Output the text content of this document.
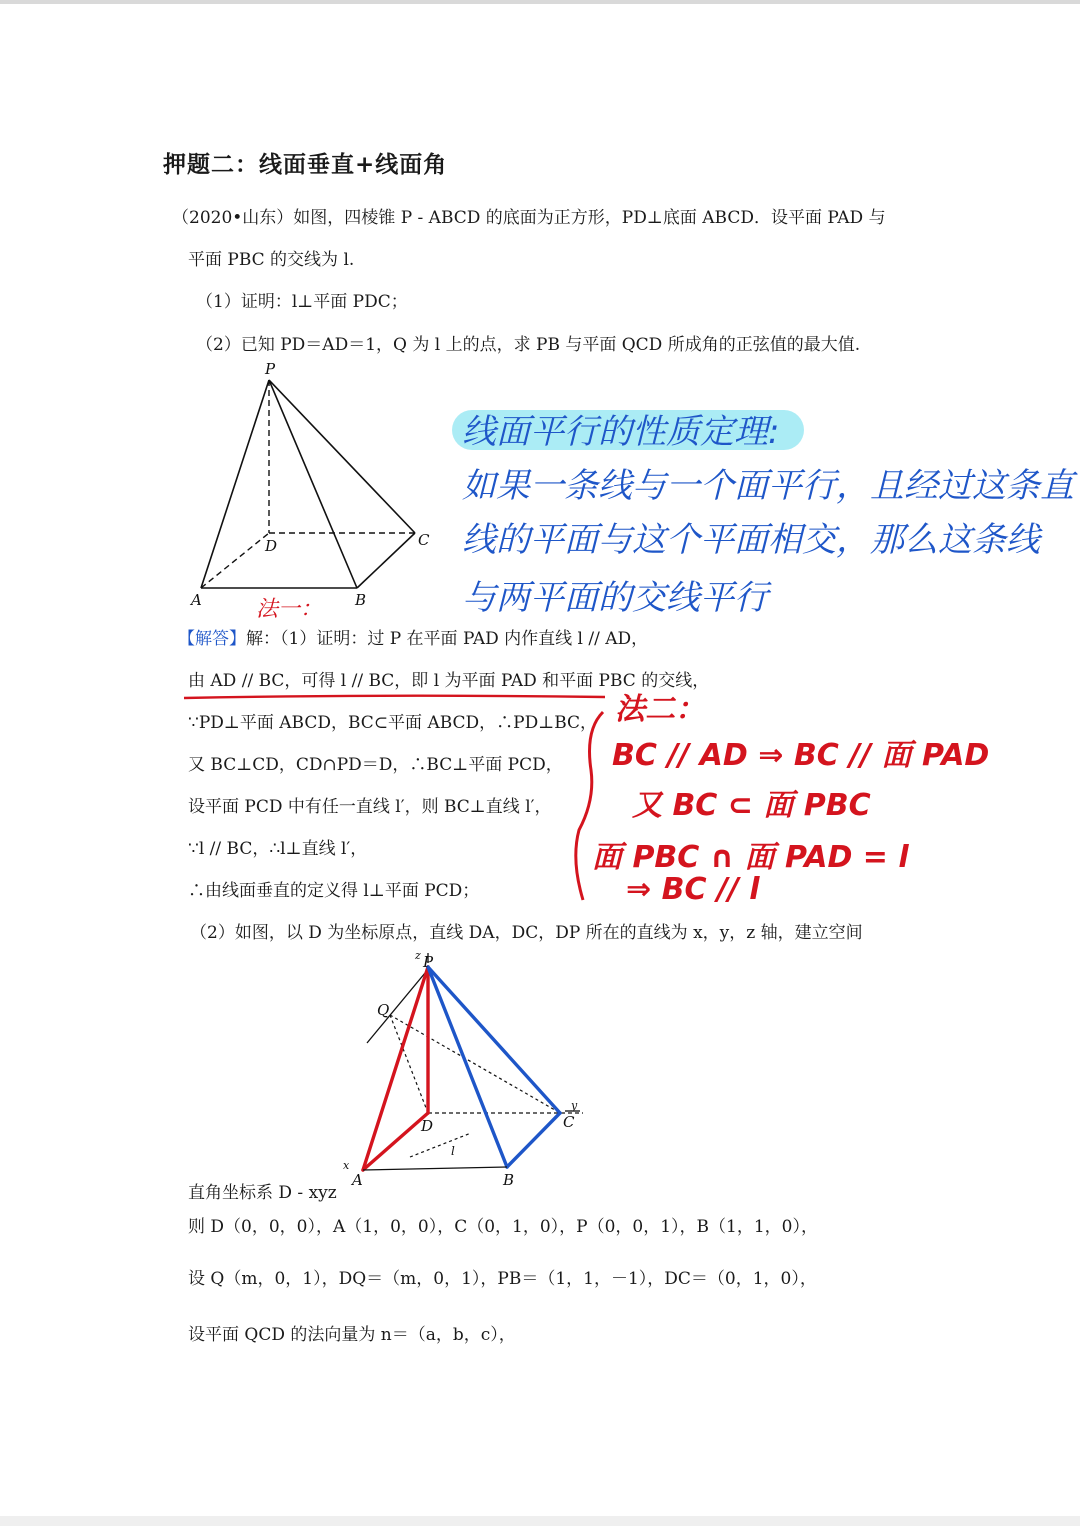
押题二：线面垂直+线面角
（2020•山东）如图，四棱锥 P - ABCD 的底面为正方形，PD⊥底面 ABCD．设平面 PAD 与
平面 PBC 的交线为 l.
（1）证明：l⊥平面 PDC；
（2）已知 PD＝AD＝1，Q 为 l 上的点，求 PB 与平面 QCD 所成角的正弦值的最大值.
P
D	C
A	B
线面平行的性质定理:
如果一条线与一个面平行，且经过这条直
线的平面与这个平面相交，那么这条线
与两平面的交线平行
法一：
【解答】解：（1）证明：过 P 在平面 PAD 内作直线 l // AD，
由 AD // BC，可得 l // BC，即 l 为平面 PAD 和平面 PBC 的交线，
∵PD⊥平面 ABCD，BC⊂平面 ABCD，∴PD⊥BC，
又 BC⊥CD，CD∩PD＝D，∴BC⊥平面 PCD，
设平面 PCD 中有任一直线 l′，则 BC⊥直线 l′，
∵l // BC，∴l⊥直线 l′，
∴由线面垂直的定义得 l⊥平面 PCD；
（2）如图，以 D 为坐标原点，直线 DA，DC，DP 所在的直线为 x，y，z 轴，建立空间
法二：
BC // AD ⇒ BC // 面 PAD
又 BC ⊂ 面 PBC
面 PBC ∩ 面 PAD = l
⇒ BC // l
z P
Q
D
y
C
l
x
A	B
直角坐标系 D - xyz
则 D（0，0，0），A（1，0，0），C（0，1，0），P（0，0，1），B（1，1，0），
设 Q（m，0，1），DQ＝（m，0，1），PB＝（1，1，－1），DC＝（0，1，0），
设平面 QCD 的法向量为 n＝（a，b，c），
